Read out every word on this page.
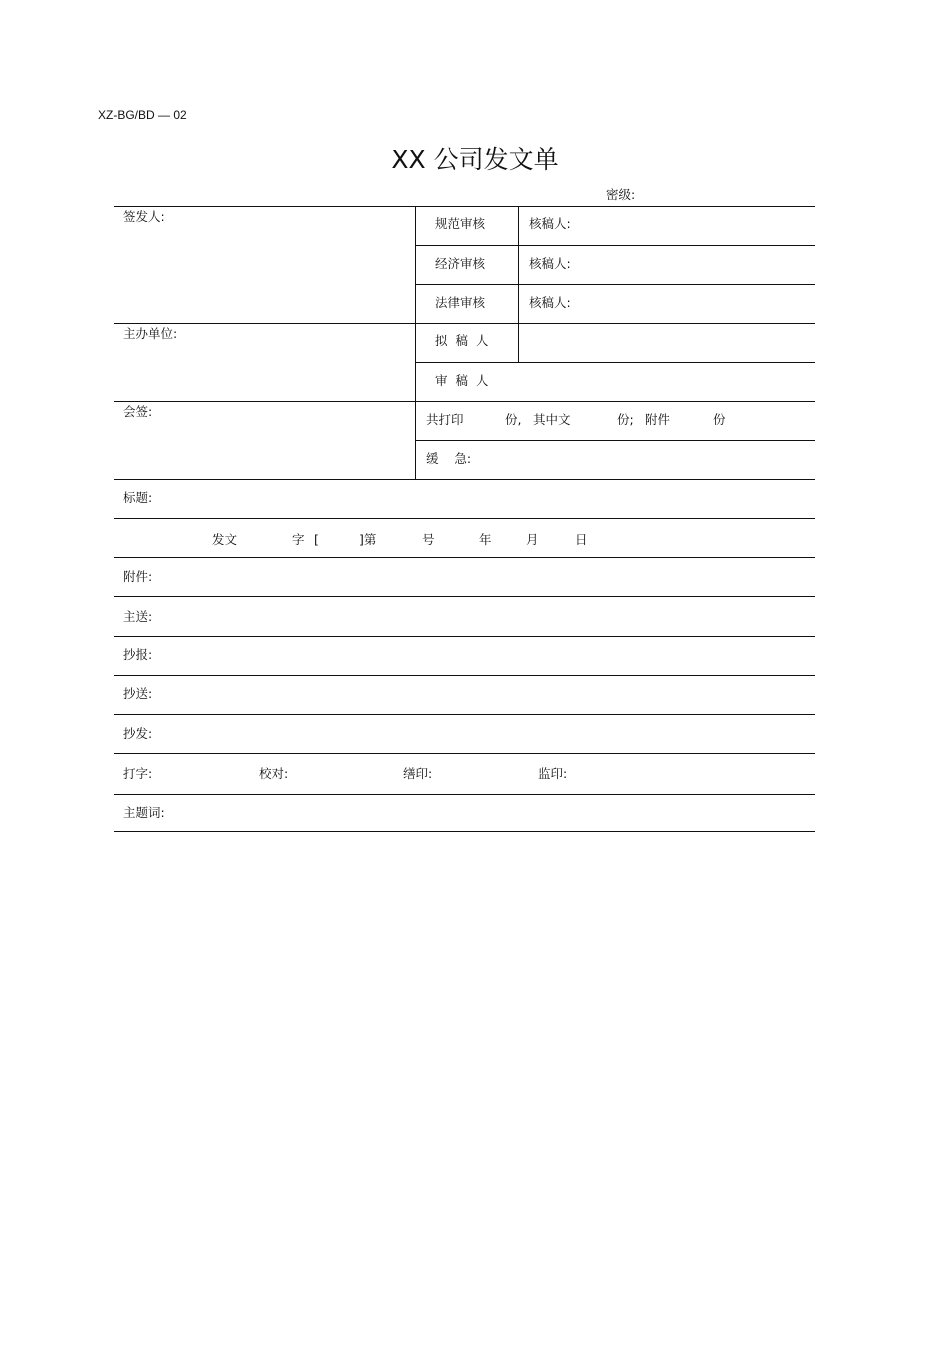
XZ-BG/BD — 02
XX 公司发文单
密级:
签发人:
主办单位:
会签:
规范审核	核稿人:
经济审核	核稿人:
法律审核	核稿人:
拟  稿  人
审  稿  人
共打印	份, 其中文	份; 附件	份
缓    急:
标题:
发文	字 [	]第	号	年	月	日
附件:
主送:
抄报:
抄送:
抄发:
打字:	校对:	缮印:	监印:
主题词:
